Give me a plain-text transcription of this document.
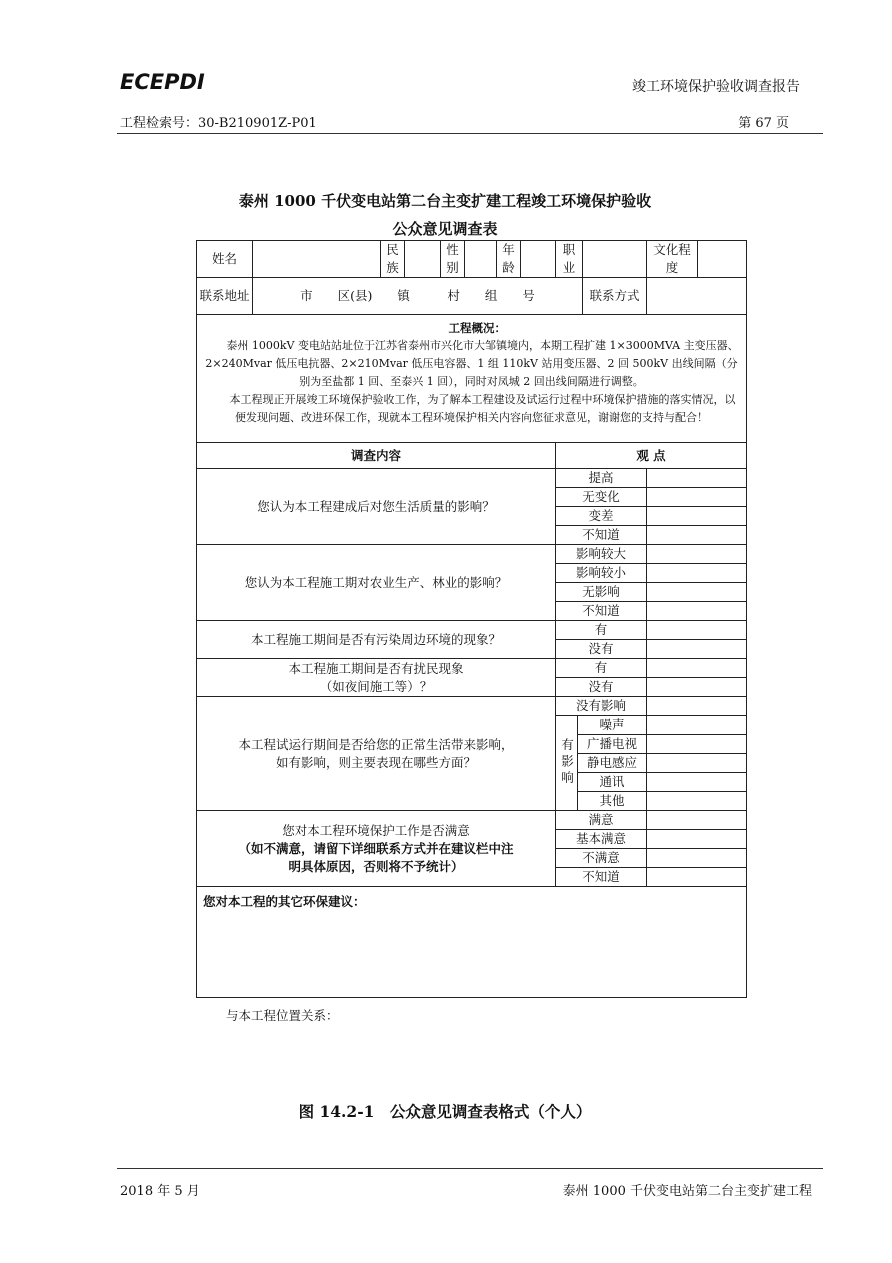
ECEPDI	竣工环境保护验收调查报告
工程检索号：30-B210901Z-P01	第 67 页
泰州 1000 千伏变电站第二台主变扩建工程竣工环境保护验收
公众意见调查表
姓名		民族		性别		年龄		职业			文化程度	
联系地址	市　　区(县)　　镇　　　村　　组　　号									联系方式		

工程概况：

泰州 1000kV 变电站站址位于江苏省泰州市兴化市大邹镇境内，本期工程扩建 1×3000MVA 主变压器、2×240Mvar 低压电抗器、2×210Mvar 低压电容器、1 组 110kV 站用变压器、2 回 500kV 出线间隔（分别为至盐都 1 回、至泰兴 1 回），同时对凤城 2 回出线间隔进行调整。

本工程现正开展竣工环境保护验收工作，为了解本工程建设及试运行过程中环境保护措施的落实情况，以便发现问题、改进环保工作，现就本工程环境保护相关内容向您征求意见，谢谢您的支持与配合！												

调查内容								观 点				
您认为本工程建成后对您生活质量的影响？								提高				
								无变化				
								变差				
								不知道				
您认为本工程施工期对农业生产、林业的影响？								影响较大				
								影响较小				
								无影响				
								不知道				
本工程施工期间是否有污染周边环境的现象？								有				
								没有				

本工程施工期间是否有扰民现象
（如夜间施工等）？								有				
								没有				

本工程试运行期间是否给您的正常生活带来影响，
如有影响，则主要表现在哪些方面？								没有影响				
								有影响	噪声			
									广播电视			
									静电感应			
									通讯			
									其他			

您对本工程环境保护工作是否满意
（如不满意，请留下详细联系方式并在建议栏中注
明具体原因，否则将不予统计）								满意				
								基本满意				
								不满意				
								不知道				
您对本工程的其它环保建议：												
与本工程位置关系：
图 14.2-1　公众意见调查表格式（个人）
2018 年 5 月	泰州 1000 千伏变电站第二台主变扩建工程
